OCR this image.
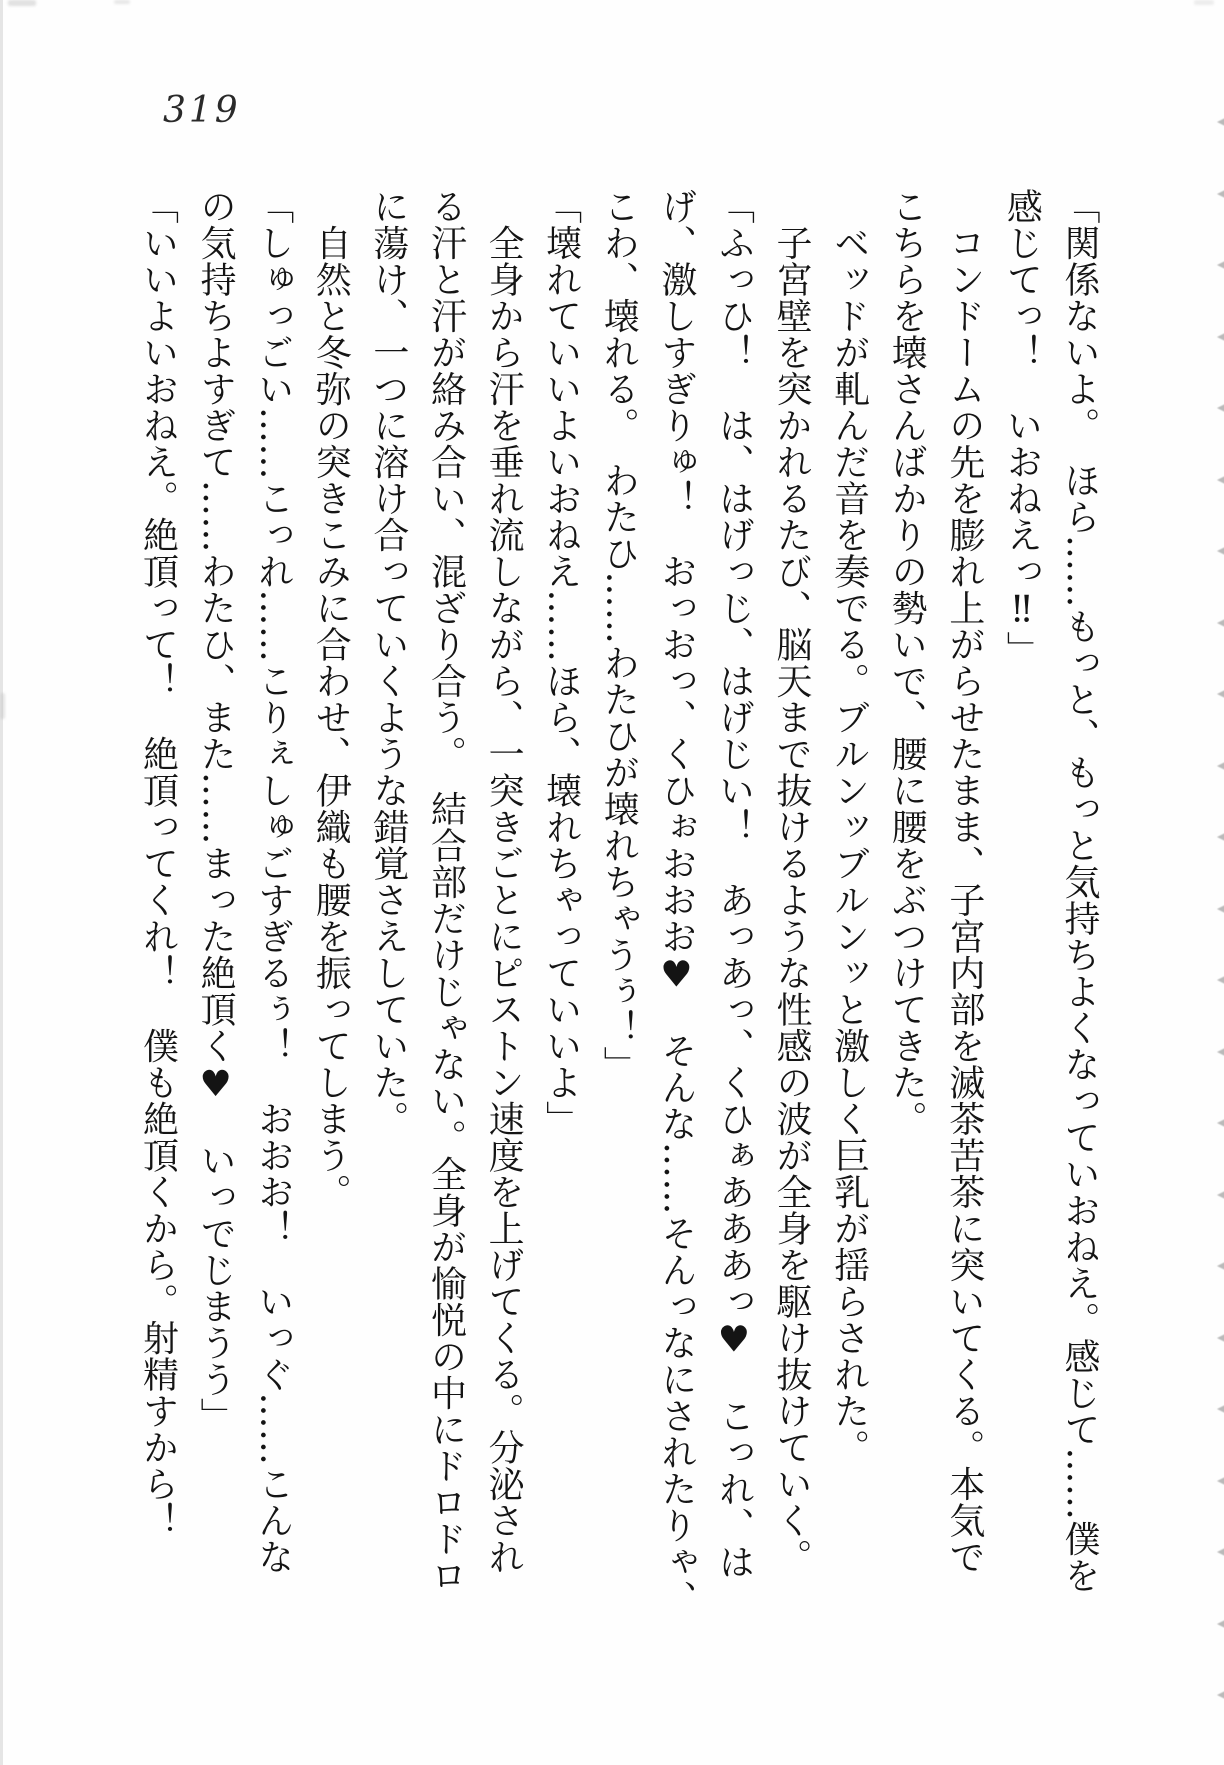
319
「関係ないよ。　ほら……もっと、もっと気持ちよくなっていおねえ。感じて……僕を
感じてっ！　いおねえっ‼」
　コンドームの先を膨れ上がらせたまま、子宮内部を滅茶苦茶に突いてくる。本気で
こちらを壊さんばかりの勢いで、腰に腰をぶつけてきた。
　ベッドが軋んだ音を奏でる。ブルンッブルンッと激しく巨乳が揺らされた。
　子宮壁を突かれるたび、脳天まで抜けるような性感の波が全身を駆け抜けていく。
「ふっひ！　は、はげっじ、はげじい！　あっあっ、くひぁあああっ♥　こっれ、は
げ、激しすぎりゅ！　おっおっ、くひぉおおお♥　そんな……そんっなにされたりゃ、
こわ、壊れる。　わたひ……わたひが壊れちゃうぅ！」
「壊れていいよいおねえ……ほら、壊れちゃっていいよ」
　全身から汗を垂れ流しながら、一突きごとにピストン速度を上げてくる。分泌され
る汗と汗が絡み合い、混ざり合う。　結合部だけじゃない。全身が愉悦の中にドロドロ
に蕩け、一つに溶け合っていくような錯覚さえしていた。
　自然と冬弥の突きこみに合わせ、伊織も腰を振ってしまう。
「しゅっごい……こっれ……こりぇしゅごすぎるぅ！　おおお！　いっぐ……こんな
の気持ちよすぎて……わたひ、また……まった絶頂く♥　いっでじまうう」
「いいよいおねえ。絶頂って！　絶頂ってくれ！　僕も絶頂くから。射精すから！
